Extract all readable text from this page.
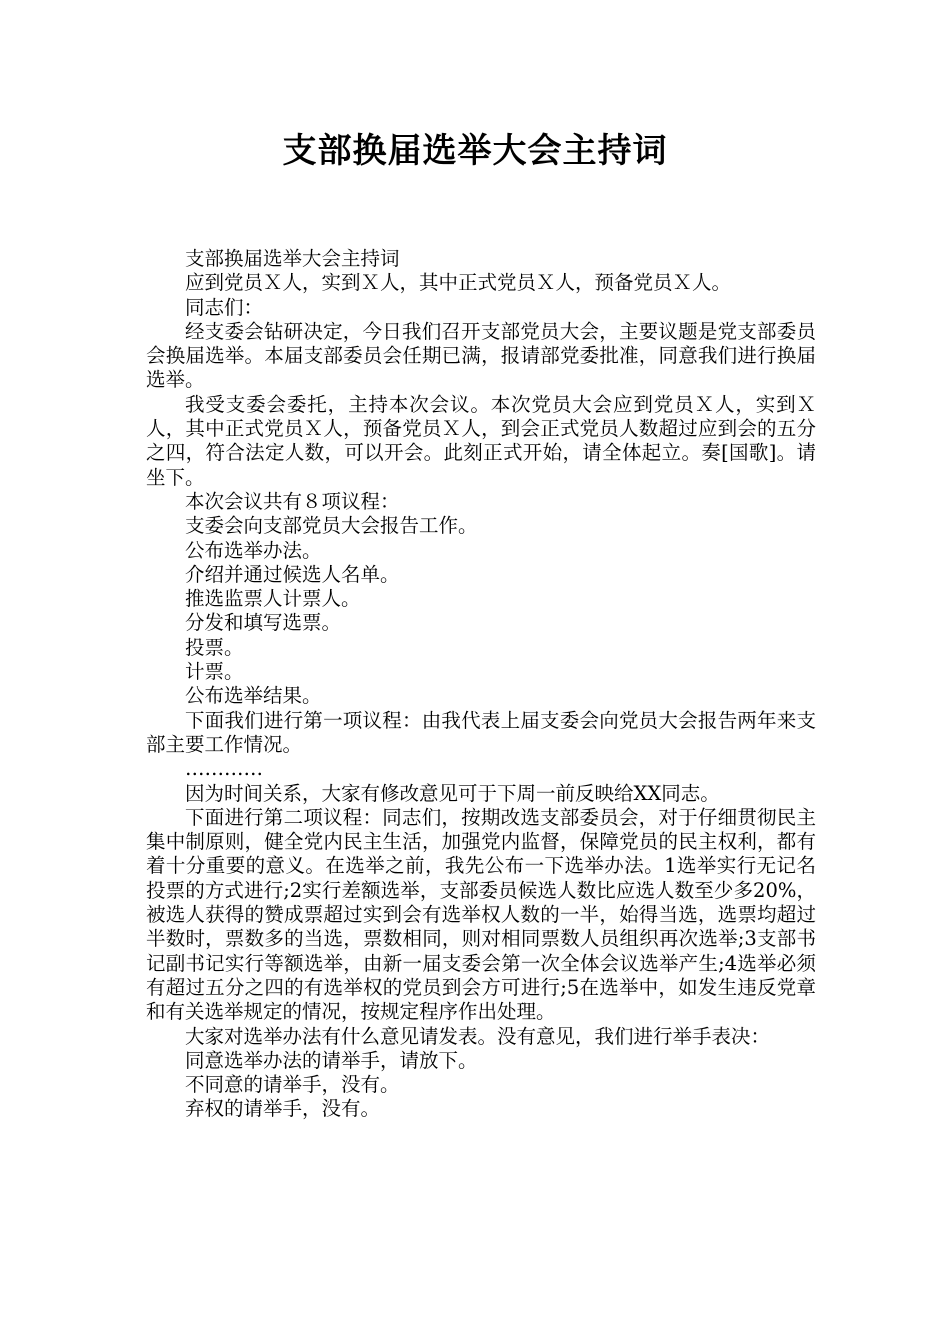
支部换届选举大会主持词

支部换届选举大会主持词

应到党员Ｘ人，实到Ｘ人，其中正式党员Ｘ人，预备党员Ｘ人。

同志们：

经支委会钻研决定，今日我们召开支部党员大会，主要议题是党支部委员会换届选举。本届支部委员会任期已满，报请部党委批准，同意我们进行换届选举。

我受支委会委托，主持本次会议。本次党员大会应到党员Ｘ人，实到Ｘ人，其中正式党员Ｘ人，预备党员Ｘ人，到会正式党员人数超过应到会的五分之四，符合法定人数，可以开会。此刻正式开始，请全体起立。奏[国歌]。请坐下。

本次会议共有８项议程：

支委会向支部党员大会报告工作。

公布选举办法。

介绍并通过候选人名单。

推选监票人计票人。

分发和填写选票。

投票。

计票。

公布选举结果。

下面我们进行第一项议程：由我代表上届支委会向党员大会报告两年来支部主要工作情况。

…………

因为时间关系，大家有修改意见可于下周一前反映给XX同志。

下面进行第二项议程：同志们，按期改选支部委员会，对于仔细贯彻民主集中制原则，健全党内民主生活，加强党内监督，保障党员的民主权利，都有着十分重要的意义。在选举之前，我先公布一下选举办法。1选举实行无记名投票的方式进行;2实行差额选举，支部委员候选人数比应选人数至少多20%，被选人获得的赞成票超过实到会有选举权人数的一半，始得当选，选票均超过半数时，票数多的当选，票数相同，则对相同票数人员组织再次选举;3支部书记副书记实行等额选举，由新一届支委会第一次全体会议选举产生;4选举必须有超过五分之四的有选举权的党员到会方可进行;5在选举中，如发生违反党章和有关选举规定的情况，按规定程序作出处理。

大家对选举办法有什么意见请发表。没有意见，我们进行举手表决：

同意选举办法的请举手，请放下。

不同意的请举手，没有。

弃权的请举手，没有。
